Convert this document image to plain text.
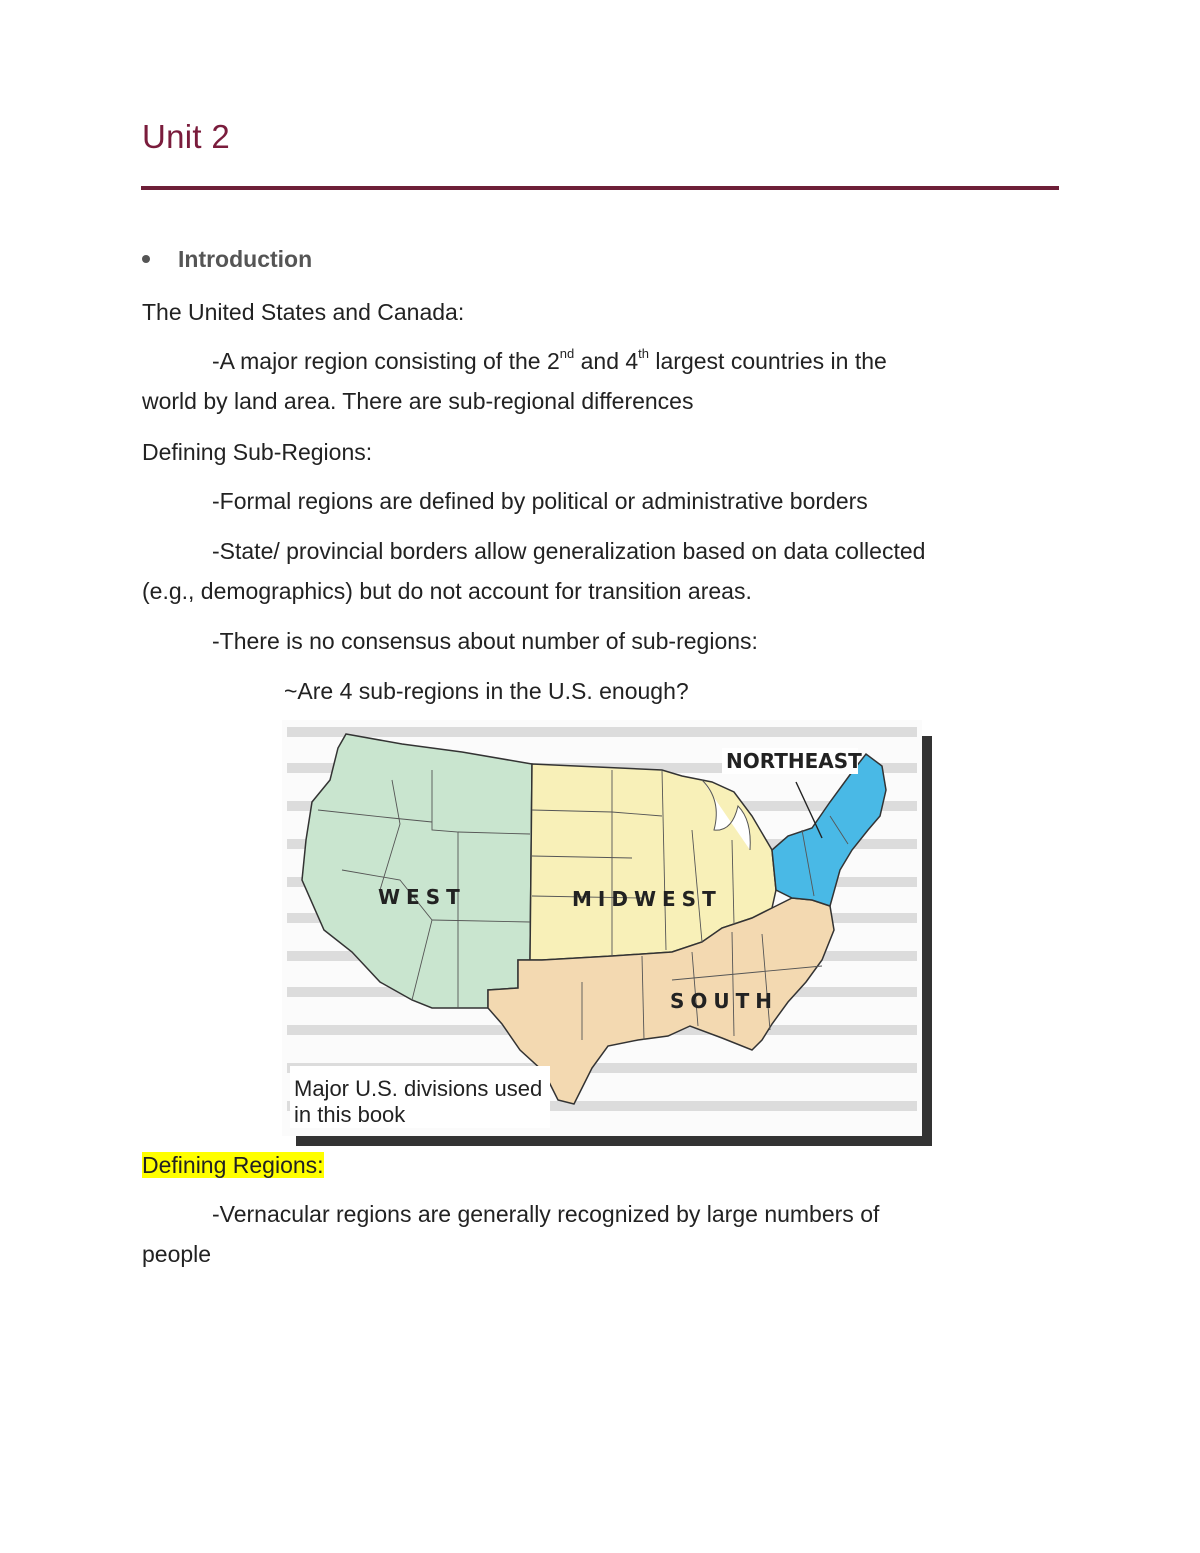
Unit 2
Introduction
The United States and Canada:
-A major region consisting of the 2nd and 4th largest countries in the
world by land area. There are sub-regional differences
Defining Sub-Regions:
-Formal regions are defined by political or administrative borders
-State/ provincial borders allow generalization based on data collected
(e.g., demographics) but do not account for transition areas.
-There is no consensus about number of sub-regions:
~Are 4 sub-regions in the U.S. enough?
WEST	MIDWEST
SOUTH
NORTHEAST
Major U.S. divisions used
in this book
Defining Regions:
-Vernacular regions are generally recognized by large numbers of
people
